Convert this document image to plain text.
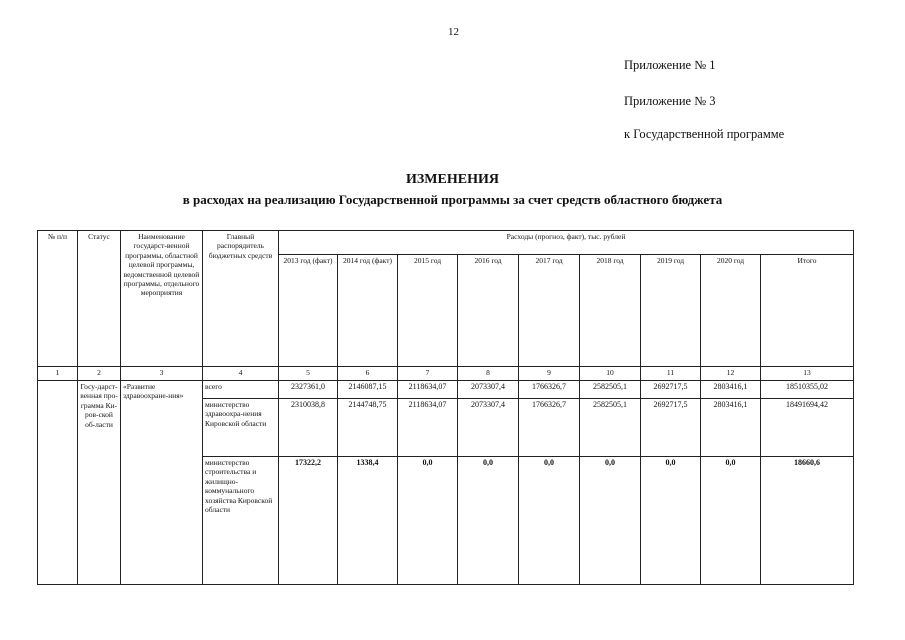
12
Приложение № 1
Приложение № 3
к Государственной программе
ИЗМЕНЕНИЯ
в расходах на реализацию Государственной программы за счет средств областного бюджета
№ п/п	Статус	Наименование государст-венной программы, областной целевой программы, ведомственной целевой программы, отдельного мероприятия	Главный распорядитель бюджетных средств	Расходы (прогноз, факт), тыс. рублей								
				2013 год (факт)	2014 год (факт)	2015 год	2016 год	2017 год	2018 год	2019 год	2020 год	Итого
1	2	3	4	5	6	7	8	9	10	11	12	13
	Госу-дарст-венная про-грамма Ки-ров-ской об-ласти	«Развитие здравоохране-ния»	всего	2327361,0	2146087,15	2118634,07	2073307,4	1766326,7	2582505,1	2692717,5	2803416,1	18510355,02
			министерство здравоохра-нения Кировской области	2310038,8	2144748,75	2118634,07	2073307,4	1766326,7	2582505,1	2692717,5	2803416,1	18491694,42
			министерство строительства и жилищно-коммунального хозяйства Кировской области	17322,2	1338,4	0,0	0,0	0,0	0,0	0,0	0,0	18660,6
